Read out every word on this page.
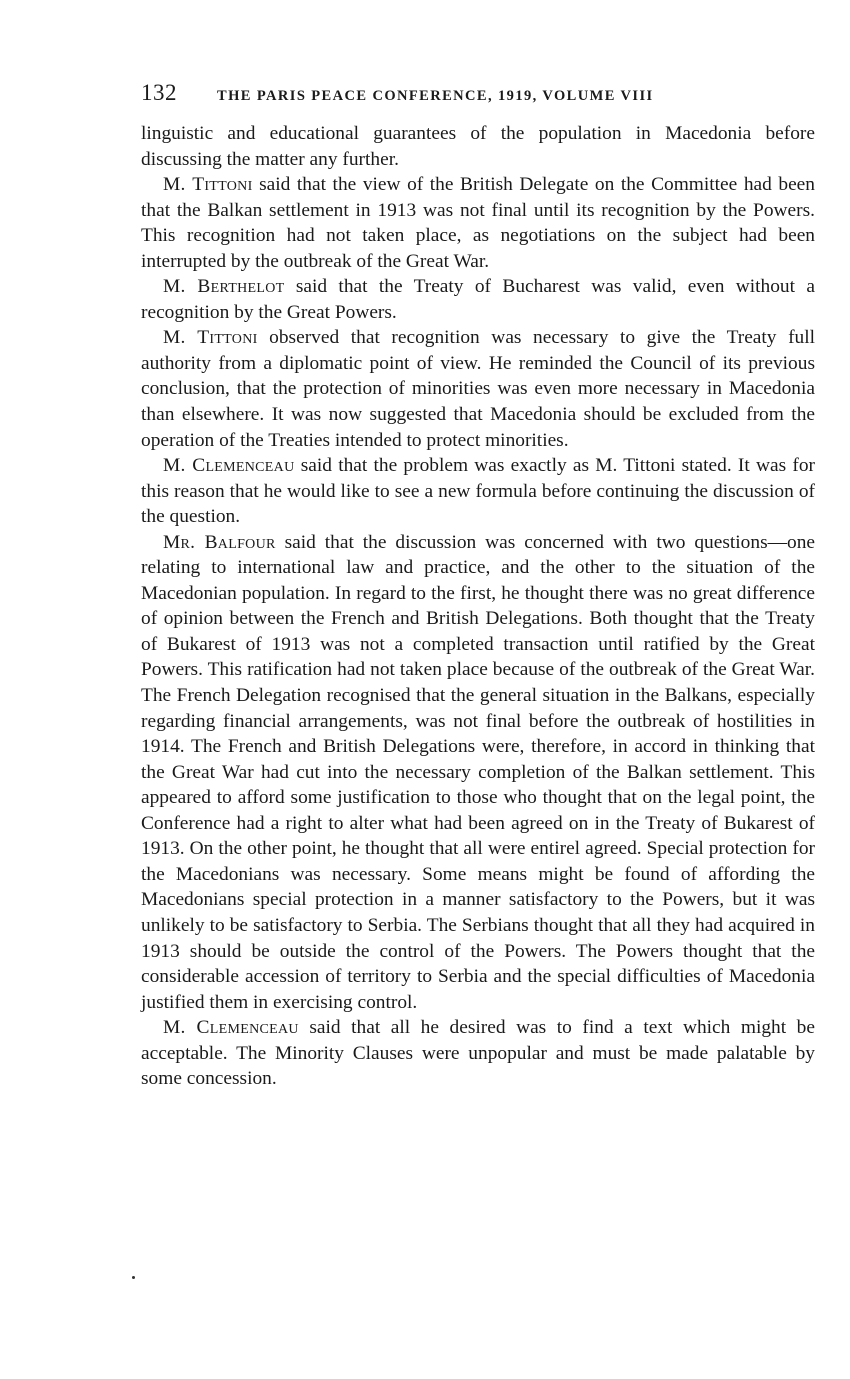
132	THE PARIS PEACE CONFERENCE, 1919, VOLUME VIII

linguistic and educational guarantees of the population in Macedonia before discussing the matter any further.

M. Tittoni said that the view of the British Delegate on the Committee had been that the Balkan settlement in 1913 was not final until its recognition by the Powers. This recognition had not taken place, as negotiations on the subject had been interrupted by the outbreak of the Great War.

M. Berthelot said that the Treaty of Bucharest was valid, even without a recognition by the Great Powers.

M. Tittoni observed that recognition was necessary to give the Treaty full authority from a diplomatic point of view. He reminded the Council of its previous conclusion, that the protection of minorities was even more necessary in Macedonia than elsewhere. It was now suggested that Macedonia should be excluded from the operation of the Treaties intended to protect minorities.

M. Clemenceau said that the problem was exactly as M. Tittoni stated. It was for this reason that he would like to see a new formula before continuing the discussion of the question.

Mr. Balfour said that the discussion was concerned with two questions—one relating to international law and practice, and the other to the situation of the Macedonian population. In regard to the first, he thought there was no great difference of opinion between the French and British Delegations. Both thought that the Treaty of Bukarest of 1913 was not a completed transaction until ratified by the Great Powers. This ratification had not taken place because of the outbreak of the Great War. The French Delegation recognised that the general situation in the Balkans, especially regarding financial arrangements, was not final before the outbreak of hostilities in 1914. The French and British Delegations were, therefore, in accord in thinking that the Great War had cut into the necessary completion of the Balkan settlement. This appeared to afford some justification to those who thought that on the legal point, the Conference had a right to alter what had been agreed on in the Treaty of Bukarest of 1913. On the other point, he thought that all were entirel agreed. Special protection for the Macedonians was necessary. Some means might be found of affording the Macedonians special protection in a manner satisfactory to the Powers, but it was unlikely to be satisfactory to Serbia. The Serbians thought that all they had acquired in 1913 should be outside the control of the Powers. The Powers thought that the considerable accession of territory to Serbia and the special difficulties of Macedonia justified them in exercising control.

M. Clemenceau said that all he desired was to find a text which might be acceptable. The Minority Clauses were unpopular and must be made palatable by some concession.
